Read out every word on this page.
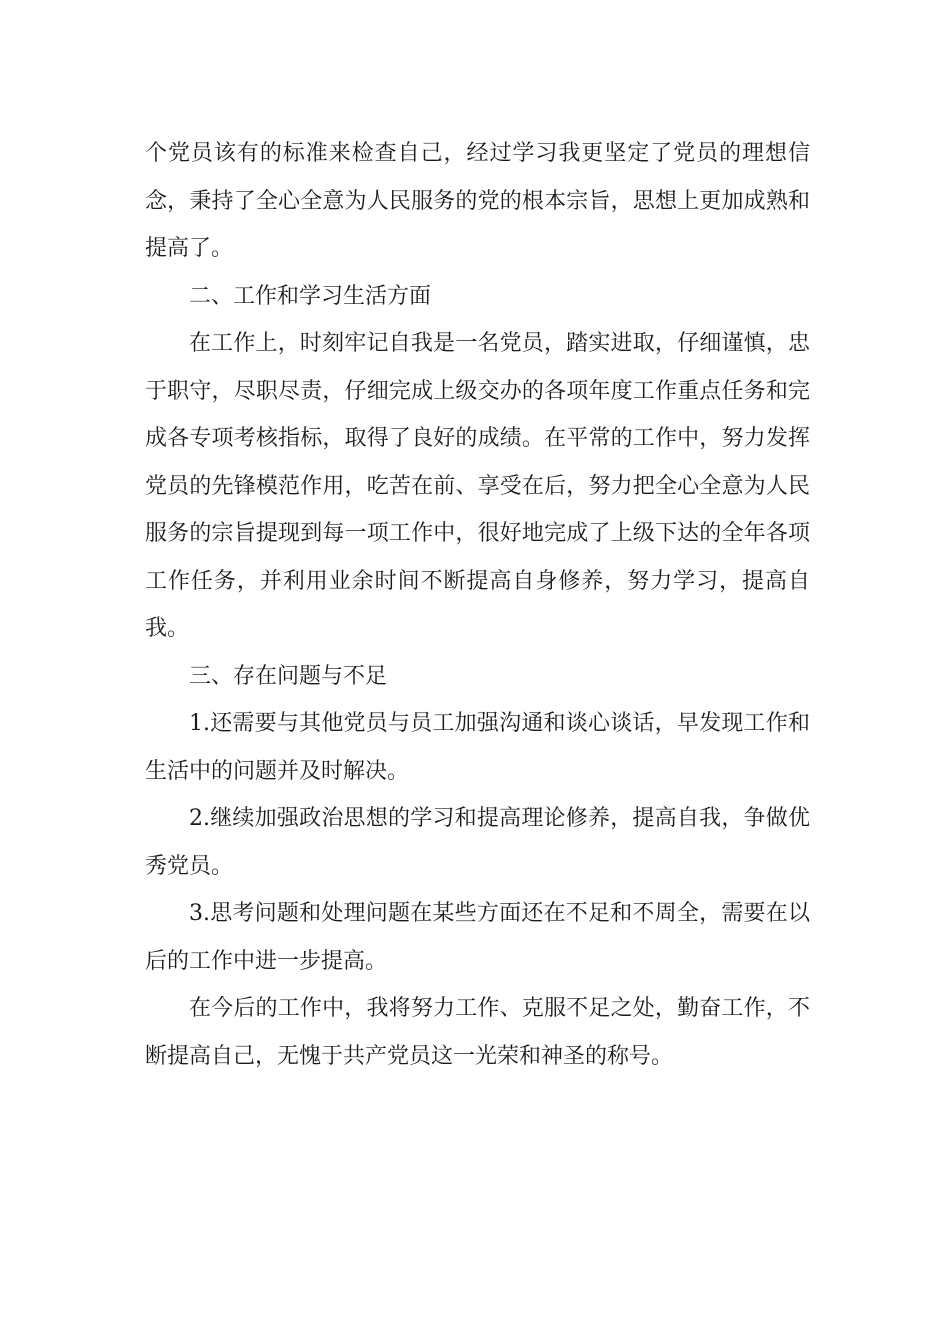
个党员该有的标准来检查自己，经过学习我更坚定了党员的理想信念，秉持了全心全意为人民服务的党的根本宗旨，思想上更加成熟和提高了。

二、工作和学习生活方面

在工作上，时刻牢记自我是一名党员，踏实进取，仔细谨慎，忠于职守，尽职尽责，仔细完成上级交办的各项年度工作重点任务和完成各专项考核指标，取得了良好的成绩。在平常的工作中，努力发挥党员的先锋模范作用，吃苦在前、享受在后，努力把全心全意为人民服务的宗旨提现到每一项工作中，很好地完成了上级下达的全年各项工作任务，并利用业余时间不断提高自身修养，努力学习，提高自我。

三、存在问题与不足

1.还需要与其他党员与员工加强沟通和谈心谈话，早发现工作和生活中的问题并及时解决。

2.继续加强政治思想的学习和提高理论修养，提高自我，争做优秀党员。

3.思考问题和处理问题在某些方面还在不足和不周全，需要在以后的工作中进一步提高。

在今后的工作中，我将努力工作、克服不足之处，勤奋工作，不断提高自己，无愧于共产党员这一光荣和神圣的称号。
